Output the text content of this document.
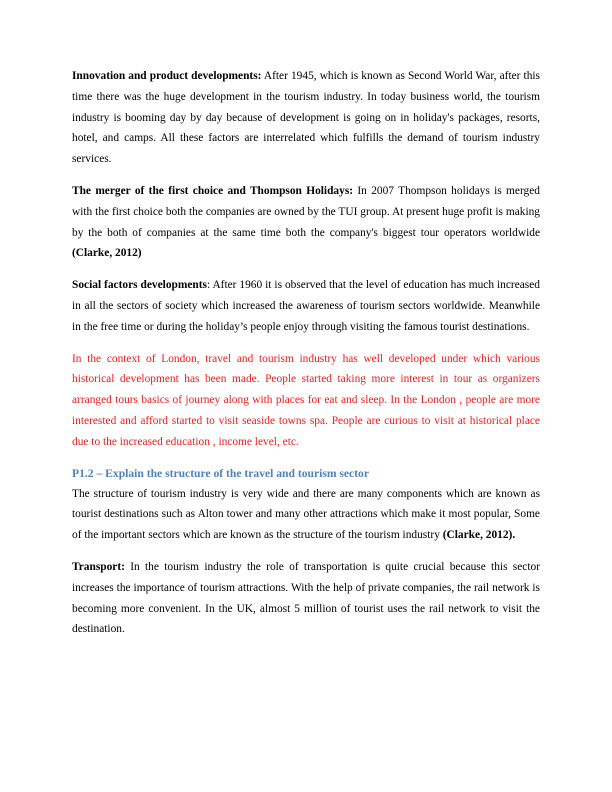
Innovation and product developments: After 1945, which is known as Second World War, after this time there was the huge development in the tourism industry. In today business world, the tourism industry is booming day by day because of development is going on in holiday's packages, resorts, hotel, and camps. All these factors are interrelated which fulfills the demand of tourism industry services.

The merger of the first choice and Thompson Holidays: In 2007 Thompson holidays is merged with the first choice both the companies are owned by the TUI group. At present huge profit is making by the both of companies at the same time both the company's biggest tour operators worldwide (Clarke, 2012)

Social factors developments: After 1960 it is observed that the level of education has much increased in all the sectors of society which increased the awareness of tourism sectors worldwide. Meanwhile in the free time or during the holiday’s people enjoy through visiting the famous tourist destinations.

In the context of London, travel and tourism industry has well developed under which various historical development has been made. People started taking more interest in tour as organizers arranged tours basics of journey along with places for eat and sleep. In the London , people are more interested and afford started to visit seaside towns spa. People are curious to visit at historical place due to the increased education , income level, etc.

P1.2 – Explain the structure of the travel and tourism sector

The structure of tourism industry is very wide and there are many components which are known as tourist destinations such as Alton tower and many other attractions which make it most popular, Some of the important sectors which are known as the structure of the tourism industry (Clarke, 2012).

Transport: In the tourism industry the role of transportation is quite crucial because this sector increases the importance of tourism attractions. With the help of private companies, the rail network is becoming more convenient. In the UK, almost 5 million of tourist uses the rail network to visit the destination.
